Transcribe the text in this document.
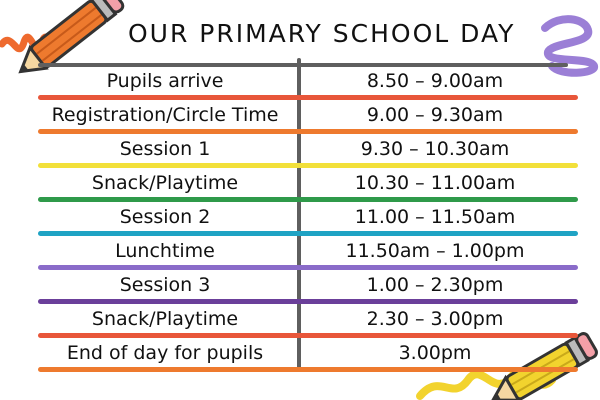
OUR PRIMARY SCHOOL DAY
Pupils arrive	8.50 – 9.00am
Registration/Circle Time	9.00 – 9.30am
Session 1	9.30 – 10.30am
Snack/Playtime	10.30 – 11.00am
Session 2	11.00 – 11.50am
Lunchtime	11.50am – 1.00pm
Session 3	1.00 – 2.30pm
Snack/Playtime	2.30 – 3.00pm
End of day for pupils	3.00pm
